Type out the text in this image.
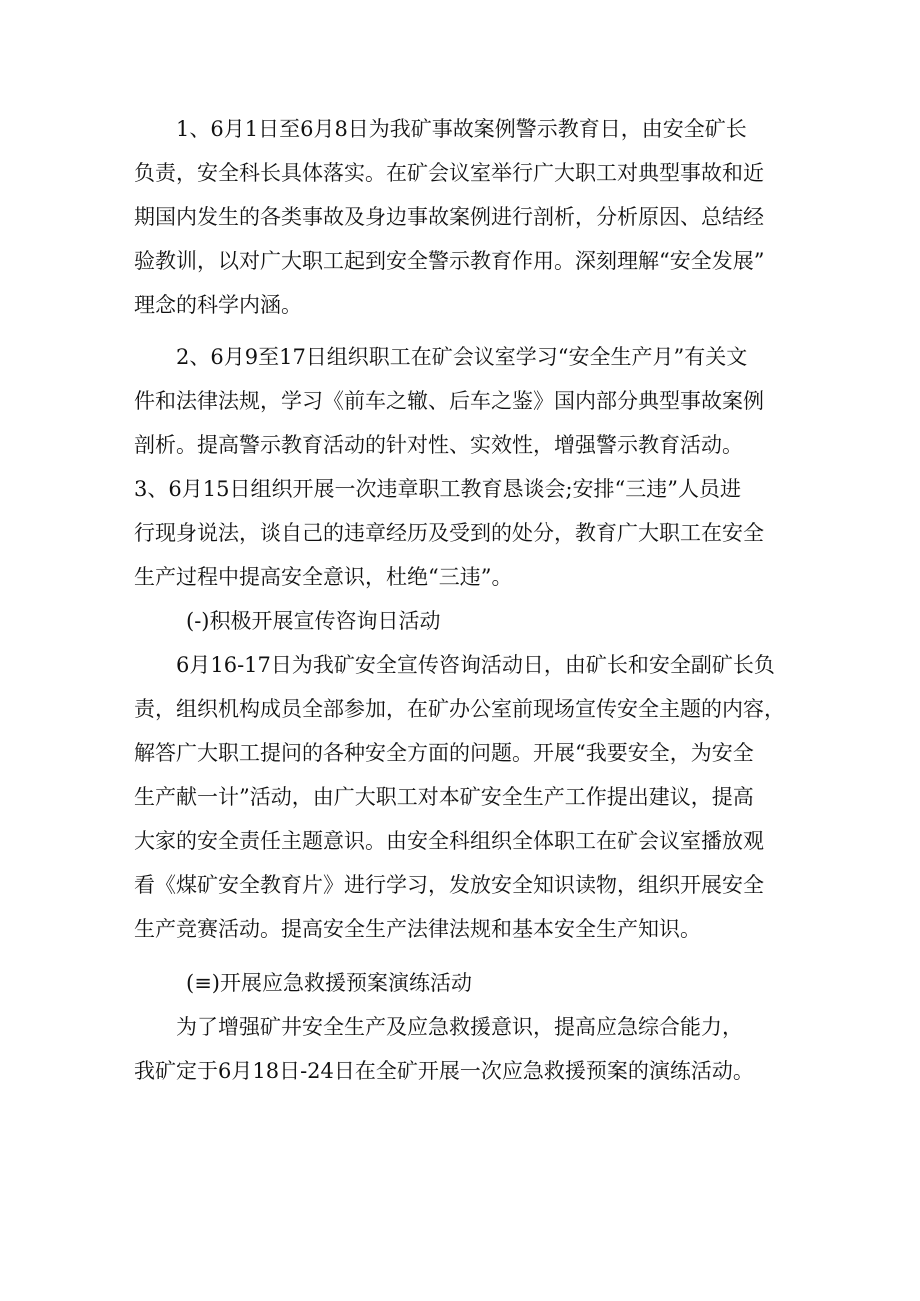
1、6月1日至6月8日为我矿事故案例警示教育日，由安全矿长
负责，安全科长具体落实。在矿会议室举行广大职工对典型事故和近
期国内发生的各类事故及身边事故案例进行剖析，分析原因、总结经
验教训，以对广大职工起到安全警示教育作用。深刻理解“安全发展”
理念的科学内涵。
2、6月9至17日组织职工在矿会议室学习“安全生产月”有关文
件和法律法规，学习《前车之辙、后车之鉴》国内部分典型事故案例
剖析。提高警示教育活动的针对性、实效性，增强警示教育活动。
3、6月15日组织开展一次违章职工教育恳谈会;安排“三违”人员进
行现身说法，谈自己的违章经历及受到的处分，教育广大职工在安全
生产过程中提高安全意识，杜绝“三违”。
(-)积极开展宣传咨询日活动
6月16-17日为我矿安全宣传咨询活动日，由矿长和安全副矿长负
责，组织机构成员全部参加，在矿办公室前现场宣传安全主题的内容，
解答广大职工提问的各种安全方面的问题。开展“我要安全，为安全
生产献一计”活动，由广大职工对本矿安全生产工作提出建议，提高
大家的安全责任主题意识。由安全科组织全体职工在矿会议室播放观
看《煤矿安全教育片》进行学习，发放安全知识读物，组织开展安全
生产竞赛活动。提高安全生产法律法规和基本安全生产知识。
(≡)开展应急救援预案演练活动
为了增强矿井安全生产及应急救援意识，提高应急综合能力，
我矿定于6月18日-24日在全矿开展一次应急救援预案的演练活动。
